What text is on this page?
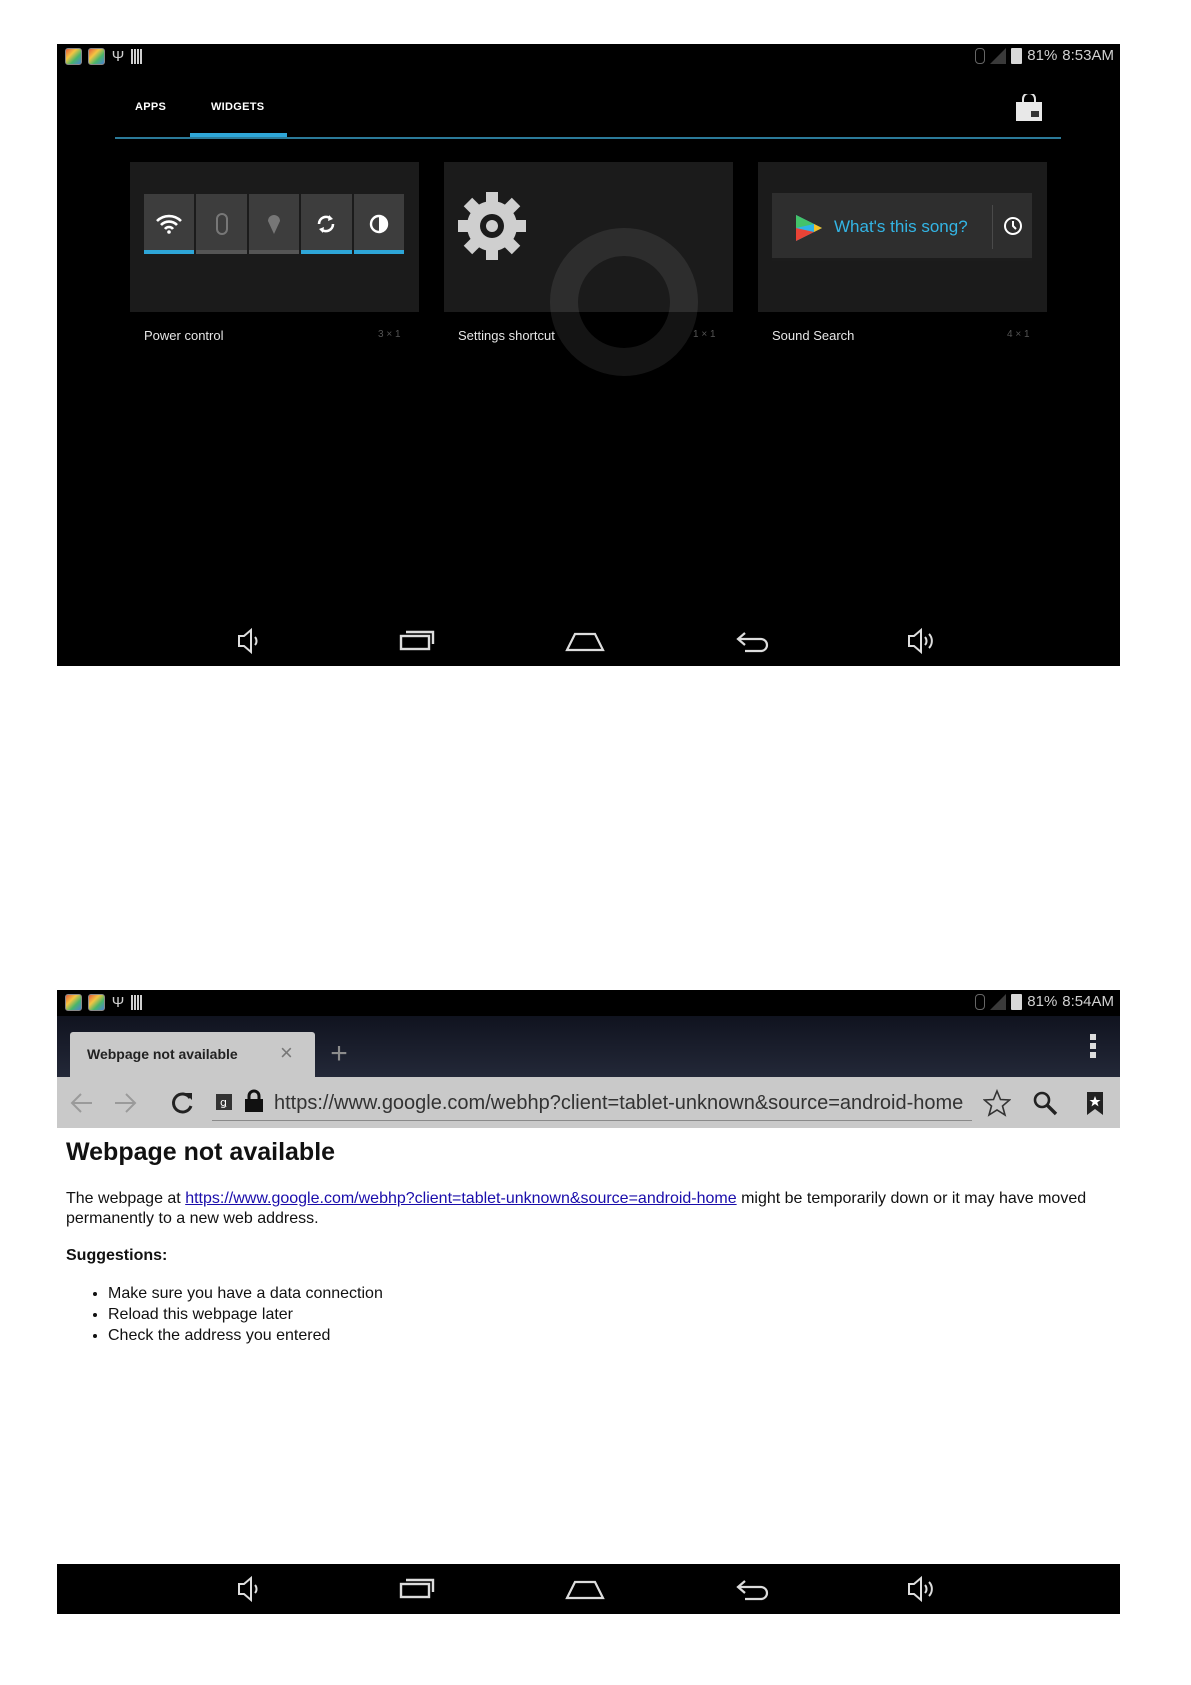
Ψ	81% 8:53AM
APPS	WIDGETS
Power control	3 × 1	Settings shortcut	1 × 1
What's this song?
Sound Search	4 × 1
Ψ	81% 8:54AM
Webpage not available ×	+
ǥ https://www.google.com/webhp?client=tablet-unknown&source=android-home
Webpage not available
The webpage at https://www.google.com/webhp?client=tablet-unknown&source=android-home might be temporarily down or it may have moved permanently to a new web address.
Suggestions:
• Make sure you have a data connection
• Reload this webpage later
• Check the address you entered
